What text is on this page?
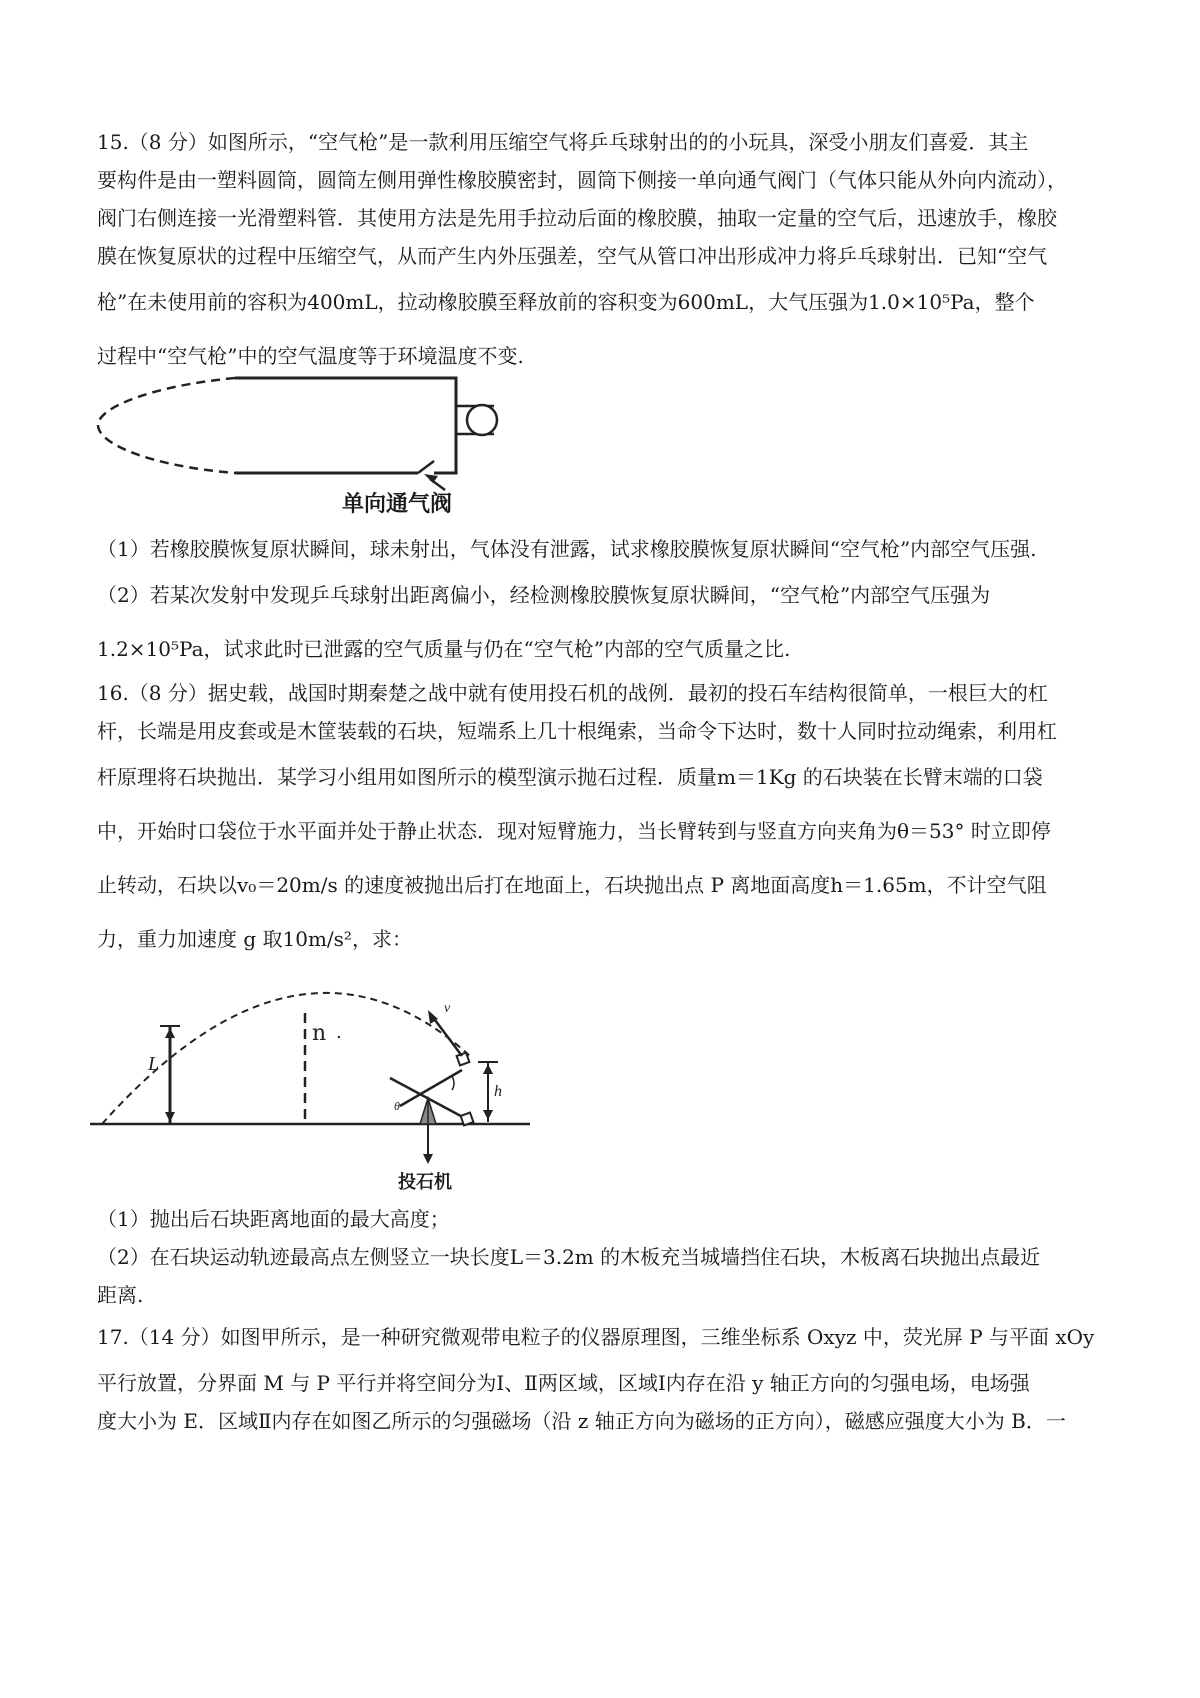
15.（8 分）如图所示，“空气枪”是一款利用压缩空气将乒乓球射出的的小玩具，深受小朋友们喜爱．其主
要构件是由一塑料圆筒，圆筒左侧用弹性橡胶膜密封，圆筒下侧接一单向通气阀门（气体只能从外向内流动），
阀门右侧连接一光滑塑料管．其使用方法是先用手拉动后面的橡胶膜，抽取一定量的空气后，迅速放手，橡胶
膜在恢复原状的过程中压缩空气，从而产生内外压强差，空气从管口冲出形成冲力将乒乓球射出．已知“空气
枪”在未使用前的容积为400mL，拉动橡胶膜至释放前的容积变为600mL，大气压强为1.0×10⁵Pa，整个
过程中“空气枪”中的空气温度等于环境温度不变.
单向通气阀
（1）若橡胶膜恢复原状瞬间，球未射出，气体没有泄露，试求橡胶膜恢复原状瞬间“空气枪”内部空气压强.
（2）若某次发射中发现乒乓球射出距离偏小，经检测橡胶膜恢复原状瞬间，“空气枪”内部空气压强为
1.2×10⁵Pa，试求此时已泄露的空气质量与仍在“空气枪”内部的空气质量之比.
16.（8 分）据史载，战国时期秦楚之战中就有使用投石机的战例．最初的投石车结构很简单，一根巨大的杠
杆，长端是用皮套或是木筐装载的石块，短端系上几十根绳索，当命令下达时，数十人同时拉动绳索，利用杠
杆原理将石块抛出．某学习小组用如图所示的模型演示抛石过程．质量m＝1Kg 的石块装在长臂末端的口袋
中，开始时口袋位于水平面并处于静止状态．现对短臂施力，当长臂转到与竖直方向夹角为θ＝53° 时立即停
止转动，石块以v₀＝20m/s 的速度被抛出后打在地面上，石块抛出点 P 离地面高度h＝1.65m，不计空气阻
力，重力加速度 g 取10m/s²，求：
n .
L
v
θ
h
投石机
（1）抛出后石块距离地面的最大高度；
（2）在石块运动轨迹最高点左侧竖立一块长度L＝3.2m 的木板充当城墙挡住石块，木板离石块抛出点最近
距离.
17.（14 分）如图甲所示，是一种研究微观带电粒子的仪器原理图，三维坐标系 Oxyz 中，荧光屏 P 与平面 xOy
平行放置，分界面 M 与 P 平行并将空间分为Ⅰ、Ⅱ两区域，区域Ⅰ内存在沿 y 轴正方向的匀强电场，电场强
度大小为 E．区域Ⅱ内存在如图乙所示的匀强磁场（沿 z 轴正方向为磁场的正方向），磁感应强度大小为 B．一
